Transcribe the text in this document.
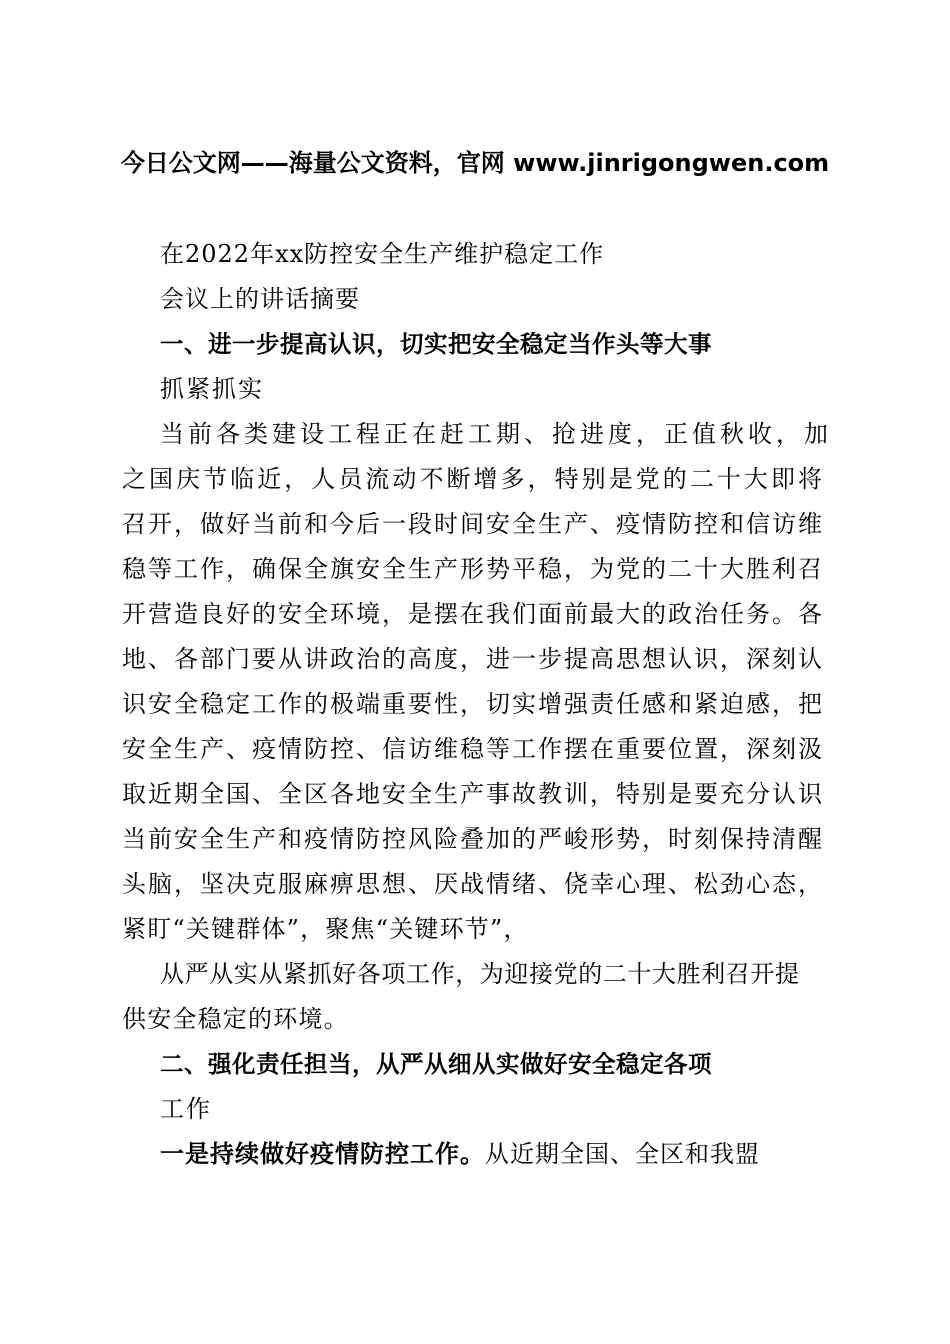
今日公文网——海量公文资料，官网 www.jinrigongwen.com
在2022年xx防控安全生产维护稳定工作
会议上的讲话摘要
一、进一步提高认识，切实把安全稳定当作头等大事
抓紧抓实
当前各类建设工程正在赶工期、抢进度，正值秋收，加
之国庆节临近，人员流动不断增多，特别是党的二十大即将
召开，做好当前和今后一段时间安全生产、疫情防控和信访维
稳等工作，确保全旗安全生产形势平稳，为党的二十大胜利召
开营造良好的安全环境，是摆在我们面前最大的政治任务。各
地、各部门要从讲政治的高度，进一步提高思想认识，深刻认
识安全稳定工作的极端重要性，切实增强责任感和紧迫感，把
安全生产、疫情防控、信访维稳等工作摆在重要位置，深刻汲
取近期全国、全区各地安全生产事故教训，特别是要充分认识
当前安全生产和疫情防控风险叠加的严峻形势，时刻保持清醒
头脑，坚决克服麻痹思想、厌战情绪、侥幸心理、松劲心态，
紧盯“关键群体”，聚焦“关键环节”，
从严从实从紧抓好各项工作，为迎接党的二十大胜利召开提
供安全稳定的环境。
二、强化责任担当，从严从细从实做好安全稳定各项
工作
一是持续做好疫情防控工作。从近期全国、全区和我盟
